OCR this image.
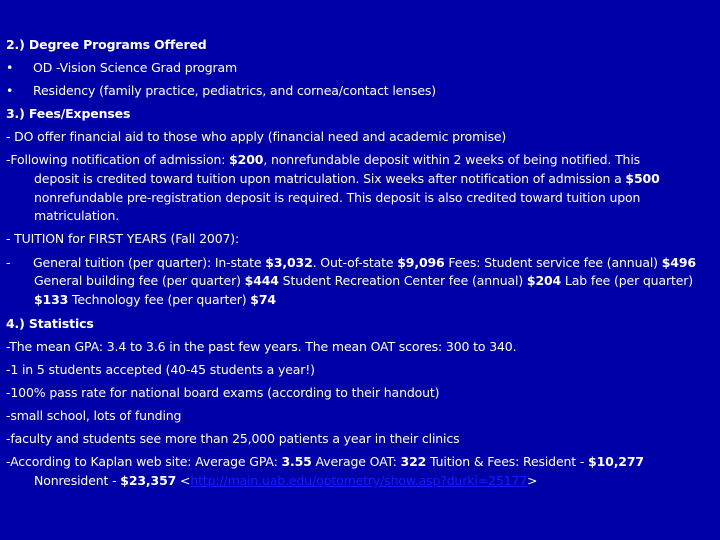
2.) Degree Programs Offered
• OD -Vision Science Grad program
• Residency (family practice, pediatrics, and cornea/contact lenses)
3.) Fees/Expenses
- DO offer financial aid to those who apply (financial need and academic promise)
-Following notification of admission: $200, nonrefundable deposit within 2 weeks of being notified. This
deposit is credited toward tuition upon matriculation. Six weeks after notification of admission a $500
nonrefundable pre-registration deposit is required. This deposit is also credited toward tuition upon
matriculation.
- TUITION for FIRST YEARS (Fall 2007):
- General tuition (per quarter): In-state $3,032. Out-of-state $9,096 Fees: Student service fee (annual) $496
General building fee (per quarter) $444 Student Recreation Center fee (annual) $204 Lab fee (per quarter)
$133 Technology fee (per quarter) $74
4.) Statistics
-The mean GPA: 3.4 to 3.6 in the past few years. The mean OAT scores: 300 to 340.
-1 in 5 students accepted (40-45 students a year!)
-100% pass rate for national board exams (according to their handout)
-small school, lots of funding
-faculty and students see more than 25,000 patients a year in their clinics
-According to Kaplan web site: Average GPA: 3.55 Average OAT: 322 Tuition & Fees: Resident - $10,277
Nonresident - $23,357 <http://main.uab.edu/optometry/show.asp?durki=25177>
